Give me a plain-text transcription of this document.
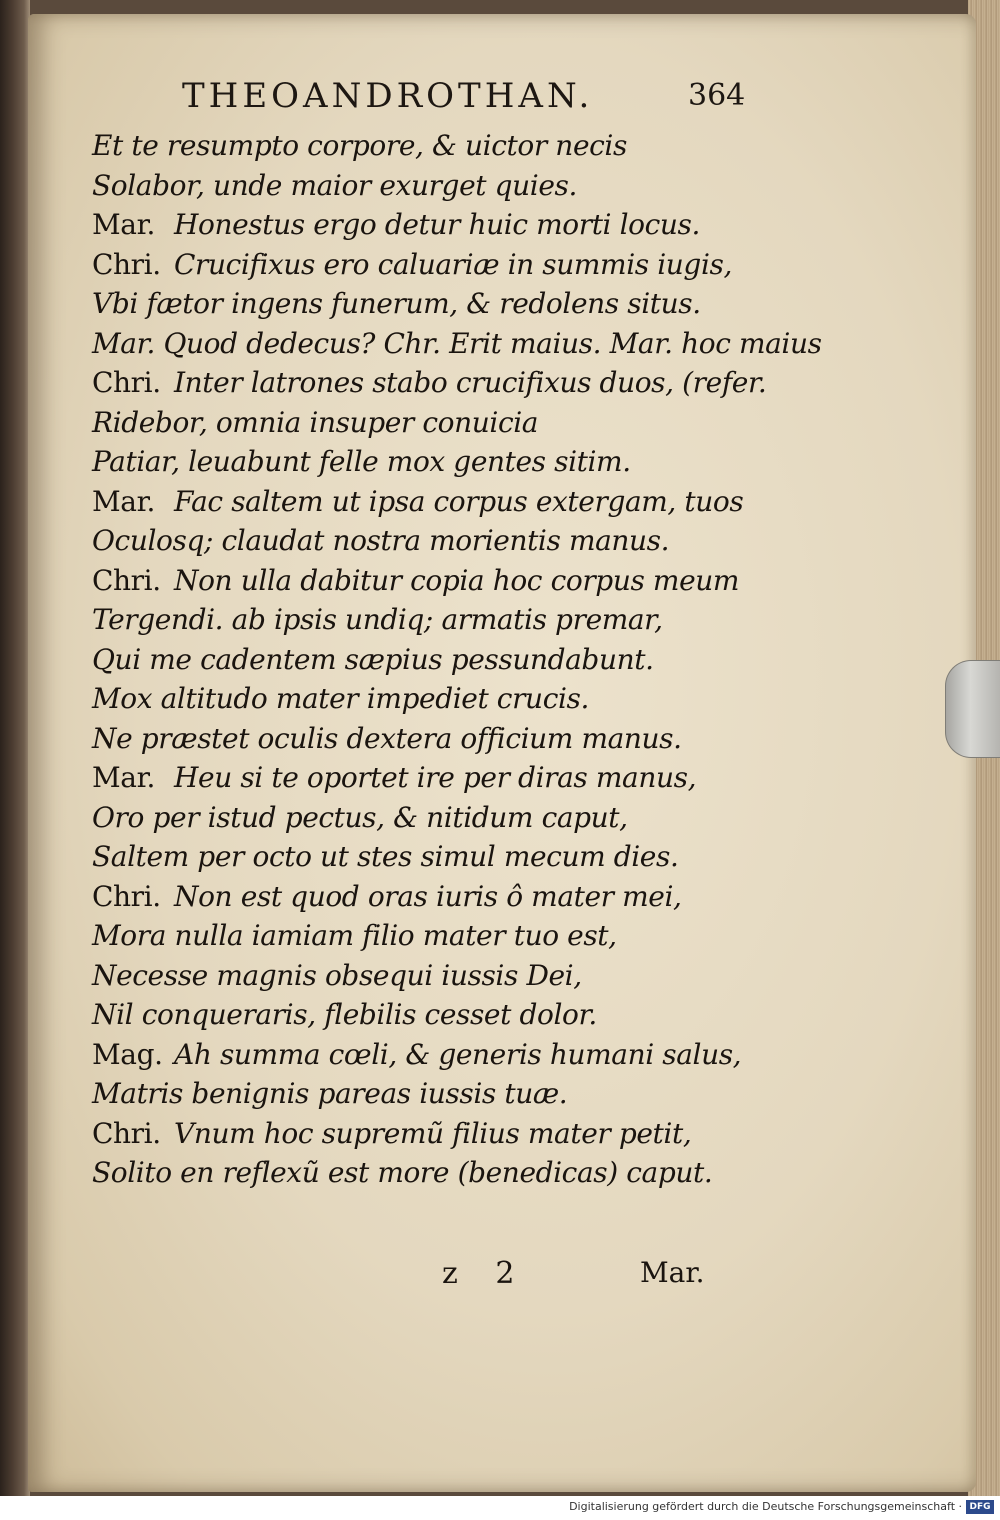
THEOANDROTHAN.	364
Et te resumpto corpore, & uictor necis
Solabor, unde maior exurget quies.
Mar. Honestus ergo detur huic morti locus.
Chri. Crucifixus ero caluariæ in summis iugis,
Vbi fætor ingens funerum, & redolens situs.
Mar. Quod dedecus? Chr. Erit maius. Mar. hoc maius
Chri. Inter latrones stabo crucifixus duos, (refer.
Ridebor, omnia insuper conuicia
Patiar, leuabunt felle mox gentes sitim.
Mar. Fac saltem ut ipsa corpus extergam, tuos
Oculosq; claudat nostra morientis manus.
Chri. Non ulla dabitur copia hoc corpus meum
Tergendi. ab ipsis undiq; armatis premar,
Qui me cadentem sæpius pessundabunt.
Mox altitudo mater impediet crucis.
Ne præstet oculis dextera officium manus.
Mar. Heu si te oportet ire per diras manus,
Oro per istud pectus, & nitidum caput,
Saltem per octo ut stes simul mecum dies.
Chri. Non est quod oras iuris ô mater mei,
Mora nulla iamiam filio mater tuo est,
Necesse magnis obsequi iussis Dei,
Nil conqueraris, flebilis cesset dolor.
Mag. Ah summa cœli, & generis humani salus,
Matris benignis pareas iussis tuæ.
Chri. Vnum hoc supremũ filius mater petit,
Solito en reflexũ est more (benedicas) caput.
z 2	Mar.
Digitalisierung gefördert durch die Deutsche Forschungsgemeinschaft · DFG
